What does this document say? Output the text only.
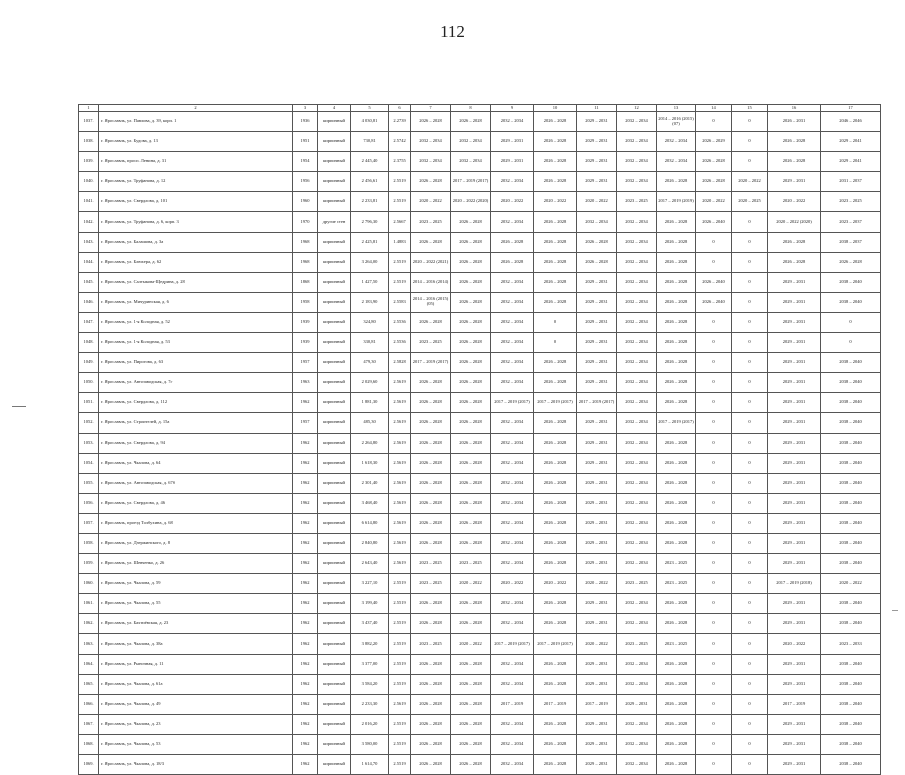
112
1	2	3	4	5	6	7	8	9	10	11	12	13	14	15	16	17
1037.	г. Ярославль, ул. Павлова, д. 39, корп. 1	1936	кирпичный	4 030,81	2.2739	2026 – 2028	2026 – 2028	2032 – 2034	2026 – 2028	2029 – 2031	2032 – 2034	2014 – 2016 (2015) (07)	0	0	2026 – 2031	2046 – 2046
1038.	г. Ярославль, ул. Будова, д. 13	1951	кирпичный	730,81	2.5742	2032 – 2034	2032 – 2034	2029 – 2031	2026 – 2028	2029 – 2031	2032 – 2034	2032 – 2034	2026 – 2029	0	2026 – 2028	2029 – 2041
1039.	г. Ярославль, просп. Ленина, д. 31	1954	кирпичный	2 445,40	2.3755	2032 – 2034	2032 – 2034	2029 – 2031	2026 – 2028	2029 – 2031	2032 – 2034	2032 – 2034	2026 – 2028	0	2026 – 2028	2029 – 2041
1040.	г. Ярославль, ул. Труфанова, д. 12	1956	кирпичный	2 456,61	2.5519	2026 – 2028	2017 – 2019 (2017)	2032 – 2034	2026 – 2028	2029 – 2031	2032 – 2034	2026 – 2028	2026 – 2028	2020 – 2022	2029 – 2031	2031 – 2037
1041.	г. Ярославль, ул. Свердлова, д. 101	1960	кирпичный	2 233,81	2.5519	2020 – 2022	2020 – 2022 (2020)	2020 – 2022	2020 – 2022	2020 – 2022	2023 – 2025	2017 – 2019 (2019)	2020 – 2022	2020 – 2025	2020 – 2022	2023 – 2025
1042.	г. Ярославль, ул. Труфанова, д. 6, корп. 3	1970	другие стен	2 796,30	2.5667	2023 – 2025	2026 – 2028	2032 – 2034	2026 – 2028	2032 – 2034	2032 – 2034	2026 – 2028	2026 – 2040	0	2020 – 2022 (2020)	2023 – 2037
1043.	г. Ярославль, ул. Балашова, д. 3а	1968	кирпичный	2 425,81	1.4883	2026 – 2028	2026 – 2028	2026 – 2028	2026 – 2028	2026 – 2028	2032 – 2034	2026 – 2028	0	0	2026 – 2028	2038 – 2037
1044.	г. Ярославль, ул. Блюхера, д. 62	1968	кирпичный	3 264,00	2.5519	2020 – 2022 (2021)	2026 – 2028	2026 – 2028	2026 – 2028	2026 – 2028	2032 – 2034	2026 – 2028	0	0	2026 – 2028	2026 – 2028
1045.	г. Ярославль, ул. Салтыкова-Щедрина, д. 28	1868	кирпичный	1 427,50	2.5519	2014 – 2016 (2014)	2026 – 2028	2032 – 2034	2026 – 2028	2029 – 2031	2032 – 2034	2026 – 2028	2026 – 2040	0	2029 – 2031	2038 – 2040
1046.	г. Ярославль, ул. Мичуринская, д. 6	1958	кирпичный	2 183,90	2.5583	2014 – 2016 (2015) (05)	2026 – 2028	2032 – 2034	2026 – 2028	2029 – 2031	2032 – 2034	2026 – 2028	2026 – 2040	0	2029 – 2031	2038 – 2040
1047.	г. Ярославль, ул. 1-я Колодная, д. 52	1939	кирпичный	324,80	2.5536	2026 – 2028	2026 – 2028	2032 – 2034	0	2029 – 2031	2032 – 2034	2026 – 2028	0	0	2029 – 2031	0
1048.	г. Ярославль, ул. 1-я Колодная, д. 53	1939	кирпичный	330,81	2.5536	2023 – 2025	2026 – 2028	2032 – 2034	0	2029 – 2031	2032 – 2034	2026 – 2028	0	0	2029 – 2031	0
1049.	г. Ярославль, ул. Пирогова, д. 63	1957	кирпичный	479,30	2.5828	2017 – 2019 (2017)	2026 – 2028	2032 – 2034	2026 – 2028	2029 – 2031	2032 – 2034	2026 – 2028	0	0	2029 – 2031	2038 – 2040
1050.	г. Ярославль, ул. Автозаводская, д. 7г	1963	кирпичный	2 029,60	2.5619	2026 – 2028	2026 – 2028	2032 – 2034	2026 – 2028	2029 – 2031	2032 – 2034	2026 – 2028	0	0	2029 – 2031	2038 – 2040
1051.	г. Ярославль, ул. Свердлова, д. 112	1962	кирпичный	1 881,30	2.5619	2026 – 2028	2026 – 2028	2017 – 2019 (2017)	2017 – 2019 (2017)	2017 – 2019 (2017)	2032 – 2034	2026 – 2028	0	0	2029 – 2031	2038 – 2040
1052.	г. Ярославль, ул. Строителей, д. 15а	1957	кирпичный	485,30	2.5619	2026 – 2028	2026 – 2028	2032 – 2034	2026 – 2028	2029 – 2031	2032 – 2034	2017 – 2019 (2017)	0	0	2029 – 2031	2038 – 2040
1053.	г. Ярославль, ул. Свердлова, д. 94	1962	кирпичный	2 264,80	2.5619	2026 – 2028	2026 – 2028	2032 – 2034	2026 – 2028	2029 – 2031	2032 – 2034	2026 – 2028	0	0	2029 – 2031	2038 – 2040
1054.	г. Ярославль, ул. Чкалова, д. 64	1962	кирпичный	1 618,30	2.5619	2026 – 2028	2026 – 2028	2032 – 2034	2026 – 2028	2029 – 2031	2032 – 2034	2026 – 2028	0	0	2029 – 2031	2038 – 2040
1055.	г. Ярославль, ул. Автозаводская, д. 67б	1962	кирпичный	2 301,40	2.5619	2026 – 2028	2026 – 2028	2032 – 2034	2026 – 2028	2029 – 2031	2032 – 2034	2026 – 2028	0	0	2029 – 2031	2038 – 2040
1056.	г. Ярославль, ул. Свердлова, д. 46	1962	кирпичный	3 468,40	2.5619	2026 – 2028	2026 – 2028	2032 – 2034	2026 – 2028	2029 – 2031	2032 – 2034	2026 – 2028	0	0	2029 – 2031	2038 – 2040
1057.	г. Ярославль, проезд Толбухина, д. 68	1962	кирпичный	6 614,80	2.5619	2026 – 2028	2026 – 2028	2032 – 2034	2026 – 2028	2029 – 2031	2032 – 2034	2026 – 2028	0	0	2029 – 2031	2038 – 2040
1058.	г. Ярославль, ул. Дзержинского, д. 8	1962	кирпичный	2 840,80	2.5619	2026 – 2028	2026 – 2028	2032 – 2034	2026 – 2028	2029 – 2031	2032 – 2034	2026 – 2028	0	0	2029 – 2031	2038 – 2040
1059.	г. Ярославль, ул. Шевченко, д. 26	1962	кирпичный	2 643,40	2.5619	2023 – 2025	2023 – 2025	2032 – 2034	2026 – 2028	2029 – 2031	2032 – 2034	2023 – 2025	0	0	2029 – 2031	2038 – 2040
1060.	г. Ярославль, ул. Чкалова, д. 59	1962	кирпичный	3 227,10	2.5519	2023 – 2025	2020 – 2022	2020 – 2022	2020 – 2022	2020 – 2022	2023 – 2025	2023 – 2025	0	0	2017 – 2019 (2018)	2020 – 2022
1061.	г. Ярославль, ул. Чкалова, д. 55	1962	кирпичный	3 199,40	2.5519	2026 – 2028	2026 – 2028	2032 – 2034	2026 – 2028	2029 – 2031	2032 – 2034	2026 – 2028	0	0	2029 – 2031	2038 – 2040
1062.	г. Ярославль, ул. Бахтиёвская, д. 23	1962	кирпичный	3 437,40	2.5519	2026 – 2028	2026 – 2028	2032 – 2034	2026 – 2028	2029 – 2031	2032 – 2034	2026 – 2028	0	0	2029 – 2031	2038 – 2040
1063.	г. Ярославль, ул. Чкалова, д. 38а	1962	кирпичный	3 882,20	2.5519	2023 – 2025	2020 – 2022	2017 – 2019 (2017)	2017 – 2019 (2017)	2020 – 2022	2023 – 2025	2023 – 2025	0	0	2020 – 2022	2023 – 2033
1064.	г. Ярославль, ул. Рыночная, д. 11	1962	кирпичный	3 377,00	2.5519	2026 – 2028	2026 – 2028	2032 – 2034	2026 – 2028	2029 – 2031	2032 – 2034	2026 – 2028	0	0	2029 – 2031	2038 – 2040
1065.	г. Ярославль, ул. Чкалова, д. 61а	1962	кирпичный	3 584,20	2.5519	2026 – 2028	2026 – 2028	2032 – 2034	2026 – 2028	2029 – 2031	2032 – 2034	2026 – 2028	0	0	2029 – 2031	2038 – 2040
1066.	г. Ярославль, ул. Чкалова, д. 49	1962	кирпичный	2 233,30	2.5619	2026 – 2028	2026 – 2028	2017 – 2019	2017 – 2019	2017 – 2019	2029 – 2031	2026 – 2028	0	0	2017 – 2019	2038 – 2040
1067.	г. Ярославль, ул. Чкалова, д. 23	1962	кирпичный	2 016,20	2.5519	2026 – 2028	2026 – 2028	2032 – 2034	2026 – 2028	2029 – 2031	2032 – 2034	2026 – 2028	0	0	2029 – 2031	2038 – 2040
1068.	г. Ярославль, ул. Чкалова, д. 53	1962	кирпичный	3 580,00	2.5519	2026 – 2028	2026 – 2028	2032 – 2034	2026 – 2028	2029 – 2031	2032 – 2034	2026 – 2028	0	0	2029 – 2031	2038 – 2040
1069.	г. Ярославль, ул. Чкалова, д. 18/3	1962	кирпичный	1 614,70	2.5519	2026 – 2028	2026 – 2028	2032 – 2034	2026 – 2028	2029 – 2031	2032 – 2034	2026 – 2028	0	0	2029 – 2031	2038 – 2040
